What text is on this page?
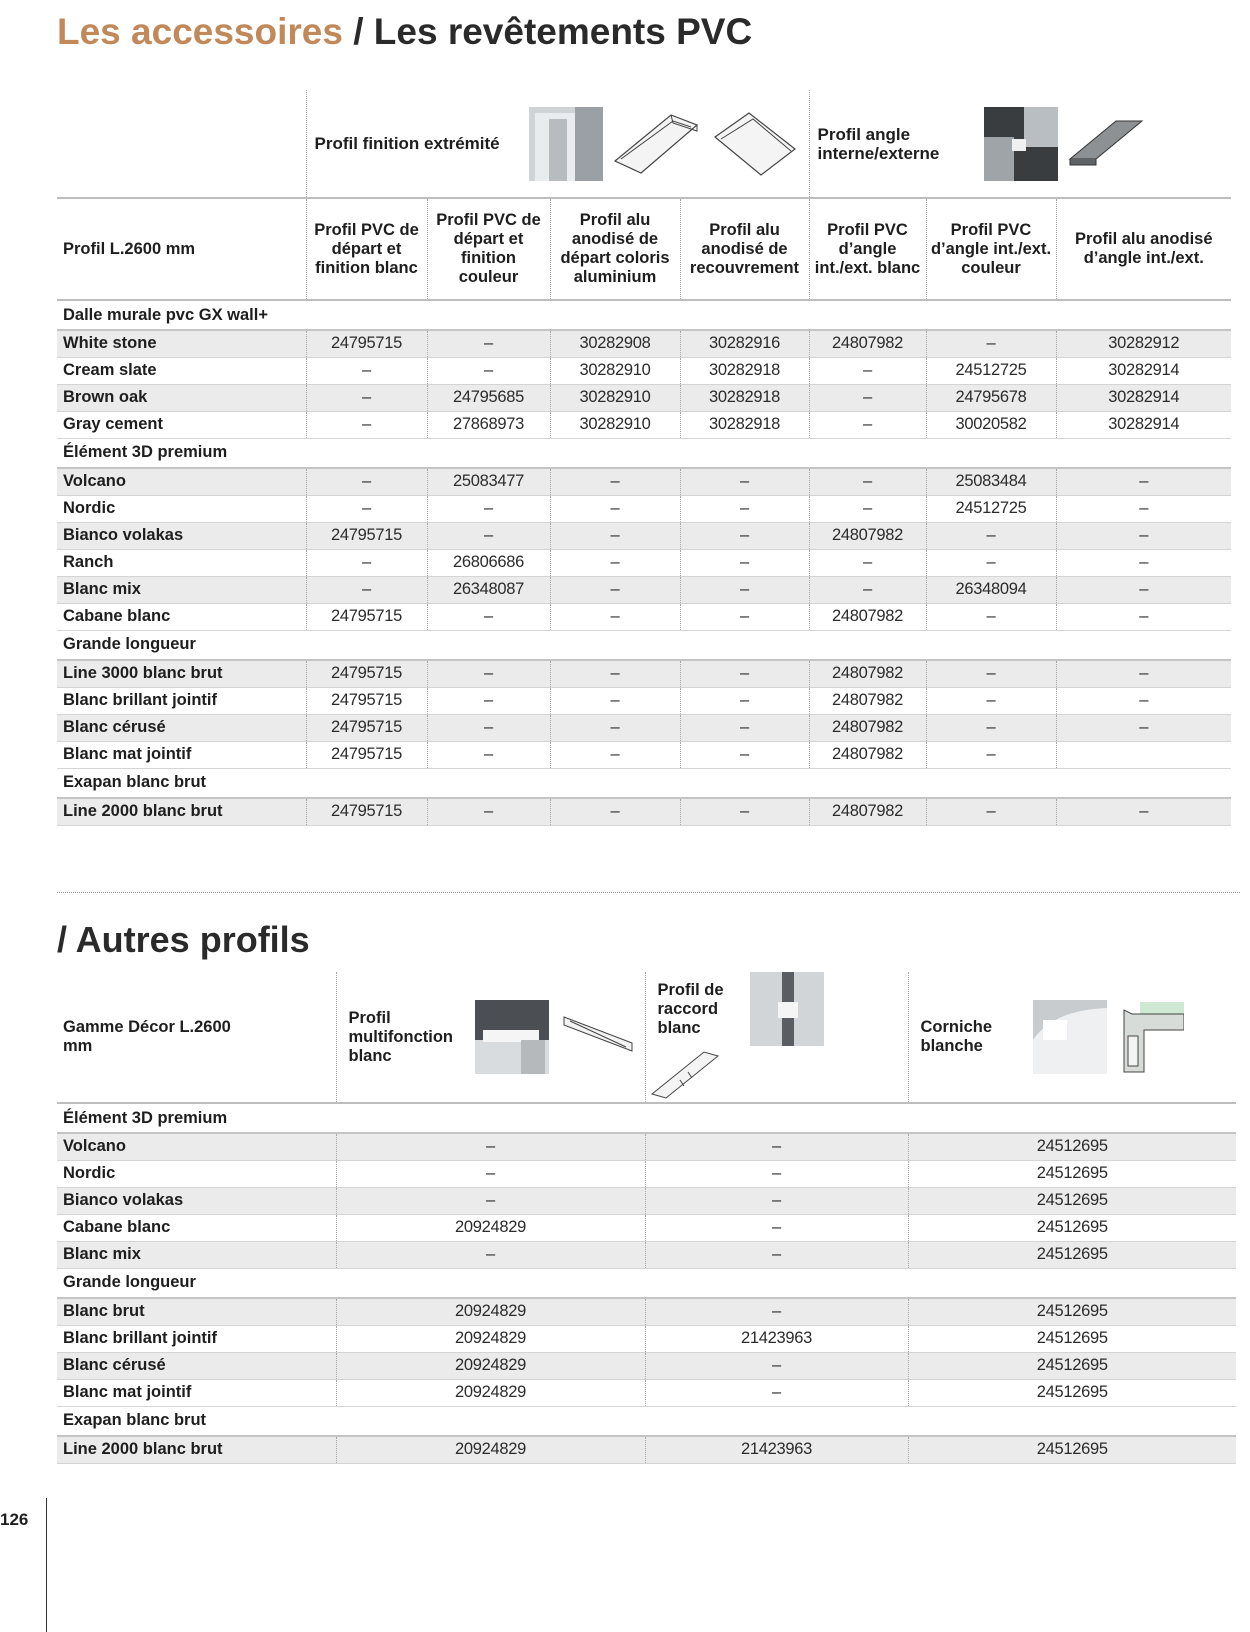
Les accessoires / Les revêtements PVC

	Profil finition extrémité				Profil angle interne/externe		

Profil L.2600 mm	Profil PVC de départ et finition blanc	Profil PVC de départ et finition couleur	Profil alu anodisé de départ coloris aluminium	Profil alu anodisé de recouvrement	Profil PVC d’angle int./ext. blanc	Profil PVC d’angle int./ext. couleur	Profil alu anodisé d’angle int./ext.
Dalle murale pvc GX wall+							
White stone	24795715	–	30282908	30282916	24807982	–	30282912
Cream slate	–	–	30282910	30282918	–	24512725	30282914
Brown oak	–	24795685	30282910	30282918	–	24795678	30282914
Gray cement	–	27868973	30282910	30282918	–	30020582	30282914
Élément 3D premium							
Volcano	–	25083477	–	–	–	25083484	–
Nordic	–	–	–	–	–	24512725	–
Bianco volakas	24795715	–	–	–	24807982	–	–
Ranch	–	26806686	–	–	–	–	–
Blanc mix	–	26348087	–	–	–	26348094	–
Cabane blanc	24795715	–	–	–	24807982	–	–
Grande longueur							
Line 3000 blanc brut	24795715	–	–	–	24807982	–	–
Blanc brillant jointif	24795715	–	–	–	24807982	–	–
Blanc cérusé	24795715	–	–	–	24807982	–	–
Blanc mat jointif	24795715	–	–	–	24807982	–	
Exapan blanc brut							
Line 2000 blanc brut	24795715	–	–	–	24807982	–	–
/ Autres profils
Gamme Décor L.2600 mm	Profil multifonction blanc	Profil de raccord blanc	Corniche blanche
Élément 3D premium			
Volcano	–	–	24512695
Nordic	–	–	24512695
Bianco volakas	–	–	24512695
Cabane blanc	20924829	–	24512695
Blanc mix	–	–	24512695
Grande longueur			
Blanc brut	20924829	–	24512695
Blanc brillant jointif	20924829	21423963	24512695
Blanc cérusé	20924829	–	24512695
Blanc mat jointif	20924829	–	24512695
Exapan blanc brut			
Line 2000 blanc brut	20924829	21423963	24512695
126
